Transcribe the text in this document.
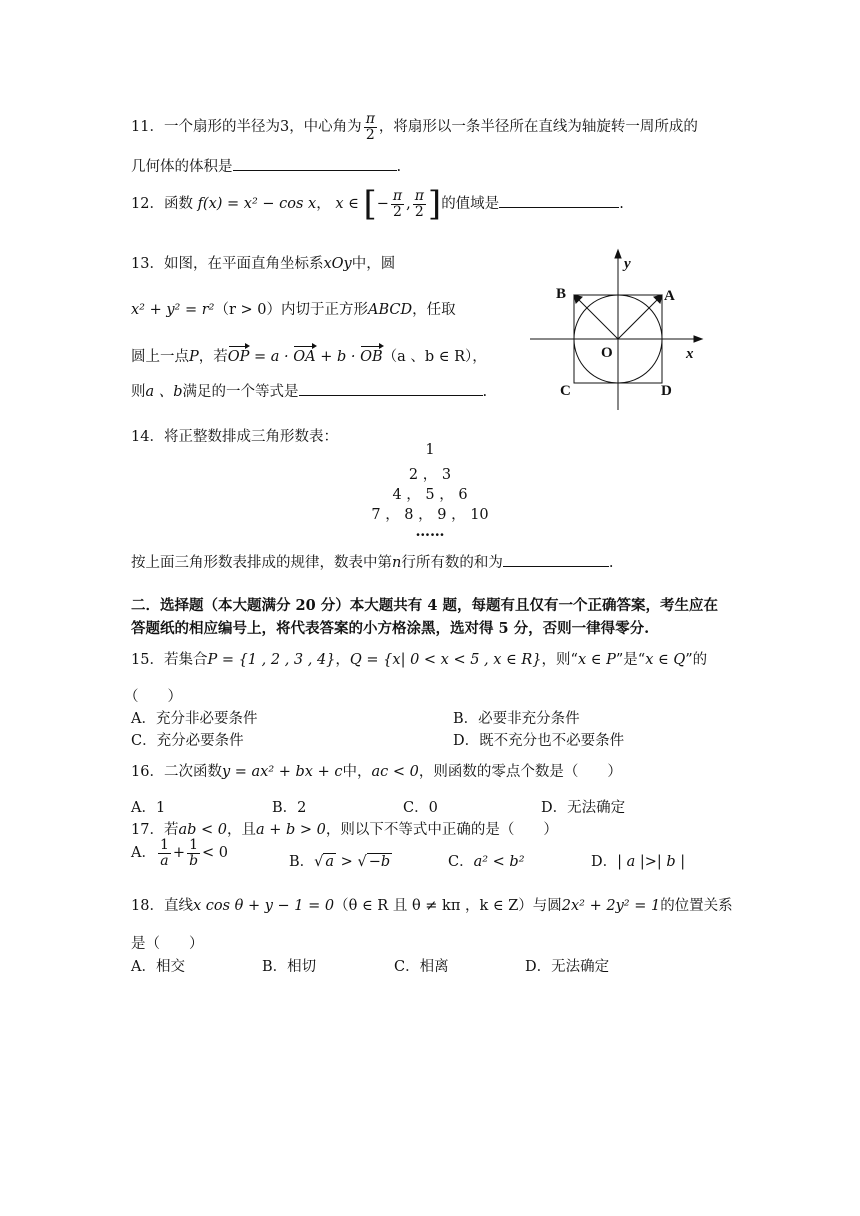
11．一个扇形的半径为3，中心角为 $\frac{\pi}{2}$ ，将扇形以一条半径所在直线为轴旋转一周所成的
几何体的体积是	.
12．函数 f(x) = x² − cos x， x ∈ [− $\frac{\pi}{2}$ , $\frac{\pi}{2}$ ]的值域是	.
13．如图，在平面直角坐标系xOy中，圆
x² + y² = r²（r > 0）内切于正方形ABCD，任取
圆上一点P，若OP = a · OA + b · OB（a 、b ∈ R），
则a 、b满足的一个等式是	.
y
B	A
O	x
C	D
14．将正整数排成三角形数表：
1
2 ， 3
4 ， 5 ， 6
7 ， 8 ， 9 ， 10
……
按上面三角形数表排成的规律，数表中第n行所有数的和为	.
二．选择题（本大题满分 20 分）本大题共有 4 题，每题有且仅有一个正确答案，考生应在
答题纸的相应编号上，将代表答案的小方格涂黑，选对得 5 分，否则一律得零分.
15．若集合P = {1 , 2 , 3 , 4}，Q = {x| 0 < x < 5 , x ∈ R}，则“x ∈ P”是“x ∈ Q”的
（　　）
A．充分非必要条件	B．必要非充分条件
C．充分必要条件	D．既不充分也不必要条件
16．二次函数y = ax² + bx + c中，ac < 0，则函数的零点个数是（　　）
A．1	B．2	C．0	D．无法确定
17．若ab < 0，且a + b > 0，则以下不等式中正确的是（　　）
A． $\frac{1}{a} + \frac{1}{b} < 0$
B．√ a > √ −b	C．a² < b²	D．| a |>| b |
18．直线x cos θ + y − 1 = 0（θ ∈ R 且 θ ≠ kπ ，k ∈ Z）与圆2x² + 2y² = 1的位置关系
是（　　）
A．相交	B．相切	C．相离	D．无法确定
